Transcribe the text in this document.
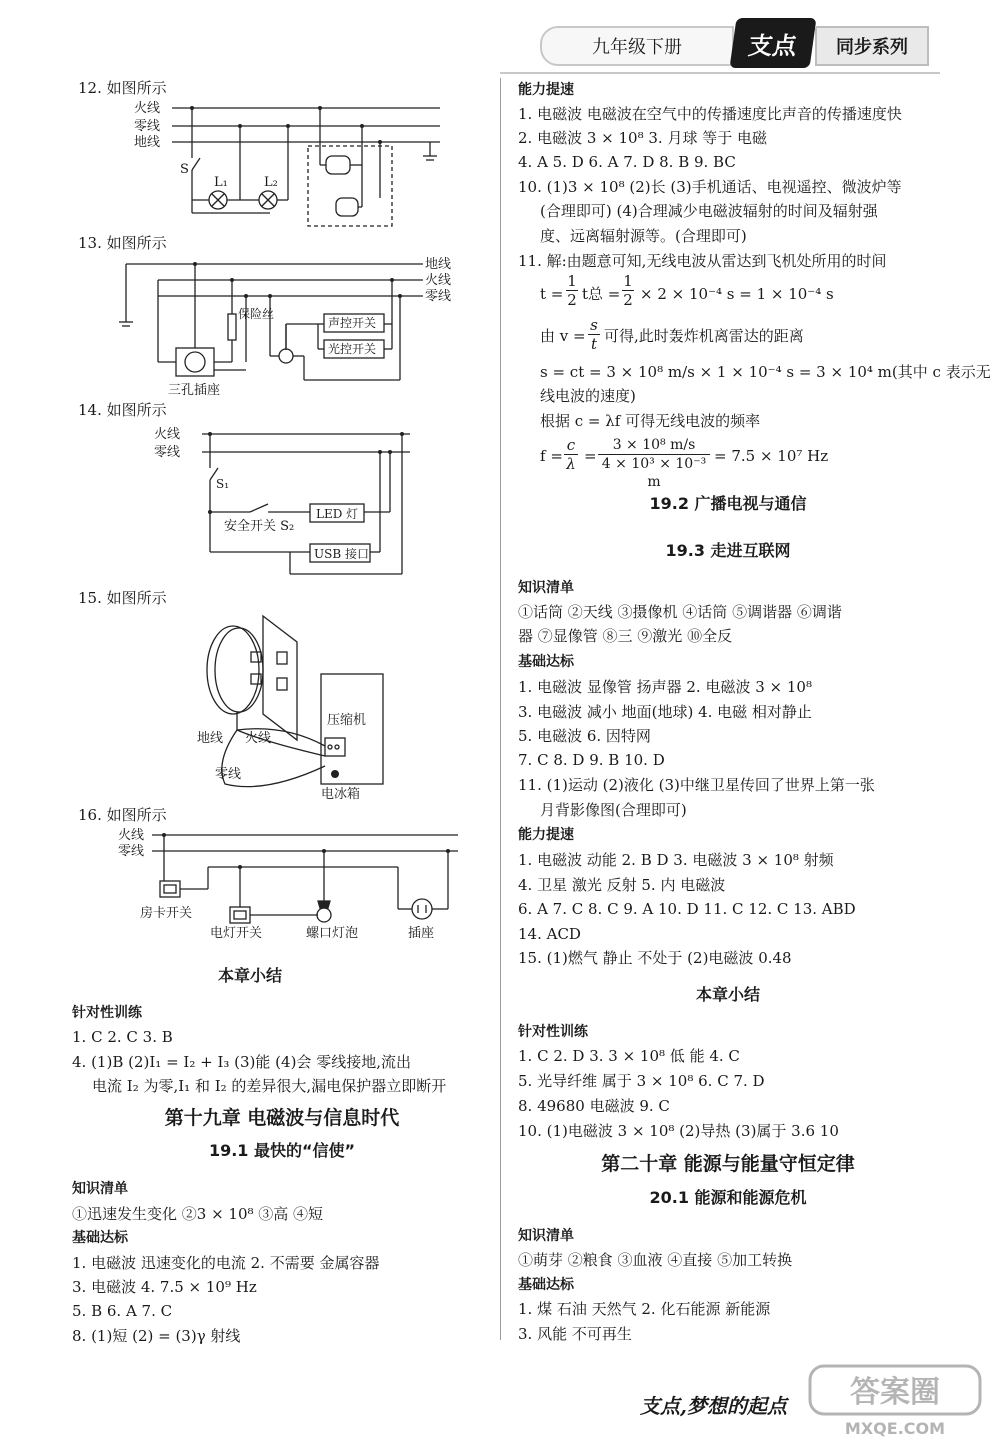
九年级下册	支点	同步系列
12. 如图所示
火线
零线
地线
S
L₁	L₂
13. 如图所示
地线
火线
零线
保险丝
声控开关
光控开关
三孔插座
14. 如图所示
火线
零线
S₁
安全开关 S₂
LED 灯
USB 接口
15. 如图所示
地线 火线
零线
压缩机
电冰箱
16. 如图所示
火线
零线
房卡开关
电灯开关	螺口灯泡	插座
本章小结
针对性训练
1. C 2. C 3. B
4. (1)B (2)I₁ = I₂ + I₃ (3)能 (4)会 零线接地,流出
电流 I₂ 为零,I₁ 和 I₂ 的差异很大,漏电保护器立即断开
第十九章 电磁波与信息时代
19.1 最快的“信使”
知识清单
①迅速发生变化 ②3 × 10⁸ ③高 ④短
基础达标
1. 电磁波 迅速变化的电流 2. 不需要 金属容器
3. 电磁波 4. 7.5 × 10⁹ Hz
5. B 6. A 7. C
8. (1)短 (2) = (3)γ 射线
能力提速
1. 电磁波 电磁波在空气中的传播速度比声音的传播速度快
2. 电磁波 3 × 10⁸ 3. 月球 等于 电磁
4. A 5. D 6. A 7. D 8. B 9. BC
10. (1)3 × 10⁸ (2)长 (3)手机通话、电视遥控、微波炉等
(合理即可) (4)合理减少电磁波辐射的时间及辐射强
度、远离辐射源等。(合理即可)
11. 解:由题意可知,无线电波从雷达到飞机处所用的时间
$t = \frac{1}{2}$ t总 = $\frac{1}{2} \times 2 \times 10^{-4}$ s = 1 × 10⁻⁴ s
由 $v = \frac{s}{t}$ 可得,此时轰炸机离雷达的距离
s = ct = 3 × 10⁸ m/s × 1 × 10⁻⁴ s = 3 × 10⁴ m(其中 c 表示无
线电波的速度)
根据 c = λf 可得无线电波的频率
$f = \frac{c}{\lambda} = \frac{\text{3 × 10⁸ m/s}}{\text{4 × 10³ × 10⁻³ m}} = 7.5 \times 10^7$ Hz
19.2 广播电视与通信
19.3 走进互联网
知识清单
①话筒 ②天线 ③摄像机 ④话筒 ⑤调谐器 ⑥调谐
器 ⑦显像管 ⑧三 ⑨激光 ⑩全反
基础达标
1. 电磁波 显像管 扬声器 2. 电磁波 3 × 10⁸
3. 电磁波 减小 地面(地球) 4. 电磁 相对静止
5. 电磁波 6. 因特网
7. C 8. D 9. B 10. D
11. (1)运动 (2)液化 (3)中继卫星传回了世界上第一张
月背影像图(合理即可)
能力提速
1. 电磁波 动能 2. B D 3. 电磁波 3 × 10⁸ 射频
4. 卫星 激光 反射 5. 内 电磁波
6. A 7. C 8. C 9. A 10. D 11. C 12. C 13. ABD
14. ACD
15. (1)燃气 静止 不处于 (2)电磁波 0.48
本章小结
针对性训练
1. C 2. D 3. 3 × 10⁸ 低 能 4. C
5. 光导纤维 属于 3 × 10⁸ 6. C 7. D
8. 49680 电磁波 9. C
10. (1)电磁波 3 × 10⁸ (2)导热 (3)属于 3.6 10
第二十章 能源与能量守恒定律
20.1 能源和能源危机
知识清单
①萌芽 ②粮食 ③血液 ④直接 ⑤加工转换
基础达标
1. 煤 石油 天然气 2. 化石能源 新能源
3. 风能 不可再生
支点,梦想的起点 答案圈
MXQE.COM
